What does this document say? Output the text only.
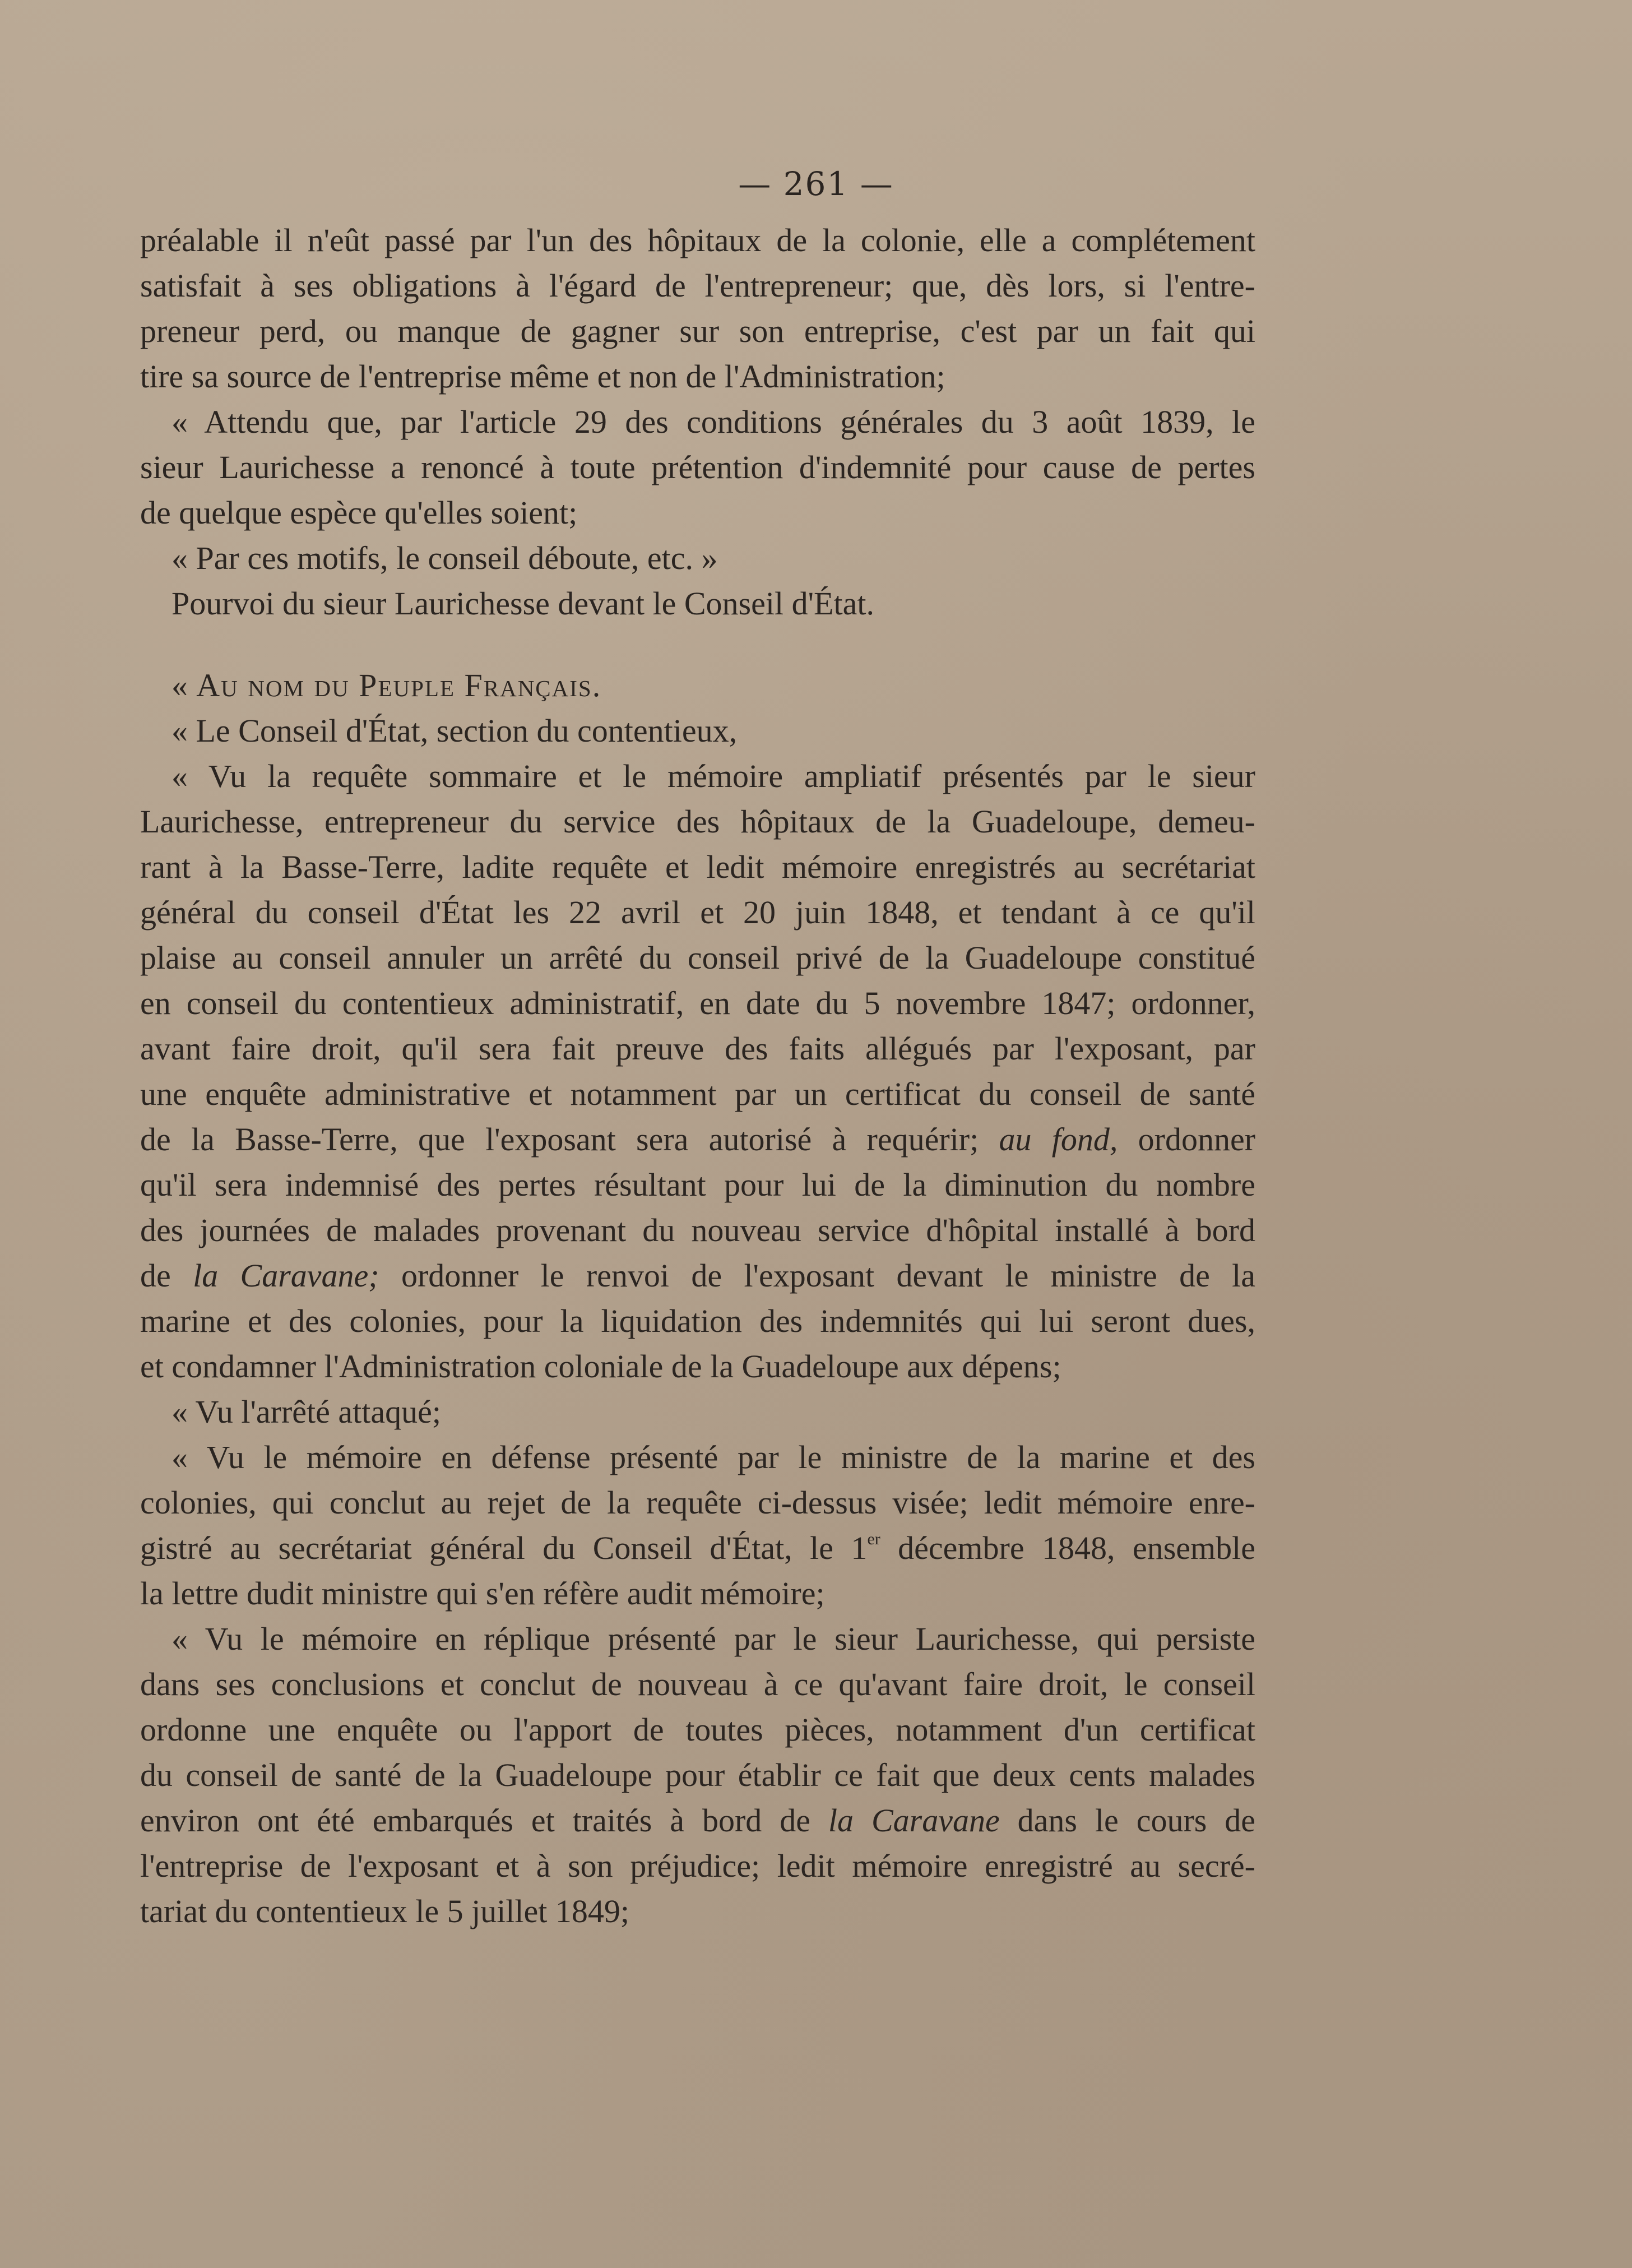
— 261 —
préalable il n'eût passé par l'un des hôpitaux de la colonie, elle a complétement
satisfait à ses obligations à l'égard de l'entrepreneur; que, dès lors, si l'entre-
preneur perd, ou manque de gagner sur son entreprise, c'est par un fait qui
tire sa source de l'entreprise même et non de l'Administration;
« Attendu que, par l'article 29 des conditions générales du 3 août 1839, le
sieur Laurichesse a renoncé à toute prétention d'indemnité pour cause de pertes
de quelque espèce qu'elles soient;
« Par ces motifs, le conseil déboute, etc. »
Pourvoi du sieur Laurichesse devant le Conseil d'État.
« Au nom du Peuple Français.
« Le Conseil d'État, section du contentieux,
« Vu la requête sommaire et le mémoire ampliatif présentés par le sieur
Laurichesse, entrepreneur du service des hôpitaux de la Guadeloupe, demeu-
rant à la Basse-Terre, ladite requête et ledit mémoire enregistrés au secrétariat
général du conseil d'État les 22 avril et 20 juin 1848, et tendant à ce qu'il
plaise au conseil annuler un arrêté du conseil privé de la Guadeloupe constitué
en conseil du contentieux administratif, en date du 5 novembre 1847; ordonner,
avant faire droit, qu'il sera fait preuve des faits allégués par l'exposant, par
une enquête administrative et notamment par un certificat du conseil de santé
de la Basse-Terre, que l'exposant sera autorisé à requérir; au fond, ordonner
qu'il sera indemnisé des pertes résultant pour lui de la diminution du nombre
des journées de malades provenant du nouveau service d'hôpital installé à bord
de la Caravane; ordonner le renvoi de l'exposant devant le ministre de la
marine et des colonies, pour la liquidation des indemnités qui lui seront dues,
et condamner l'Administration coloniale de la Guadeloupe aux dépens;
« Vu l'arrêté attaqué;
« Vu le mémoire en défense présenté par le ministre de la marine et des
colonies, qui conclut au rejet de la requête ci-dessus visée; ledit mémoire enre-
gistré au secrétariat général du Conseil d'État, le 1er décembre 1848, ensemble
la lettre dudit ministre qui s'en réfère audit mémoire;
« Vu le mémoire en réplique présenté par le sieur Laurichesse, qui persiste
dans ses conclusions et conclut de nouveau à ce qu'avant faire droit, le conseil
ordonne une enquête ou l'apport de toutes pièces, notamment d'un certificat
du conseil de santé de la Guadeloupe pour établir ce fait que deux cents malades
environ ont été embarqués et traités à bord de la Caravane dans le cours de
l'entreprise de l'exposant et à son préjudice; ledit mémoire enregistré au secré-
tariat du contentieux le 5 juillet 1849;
